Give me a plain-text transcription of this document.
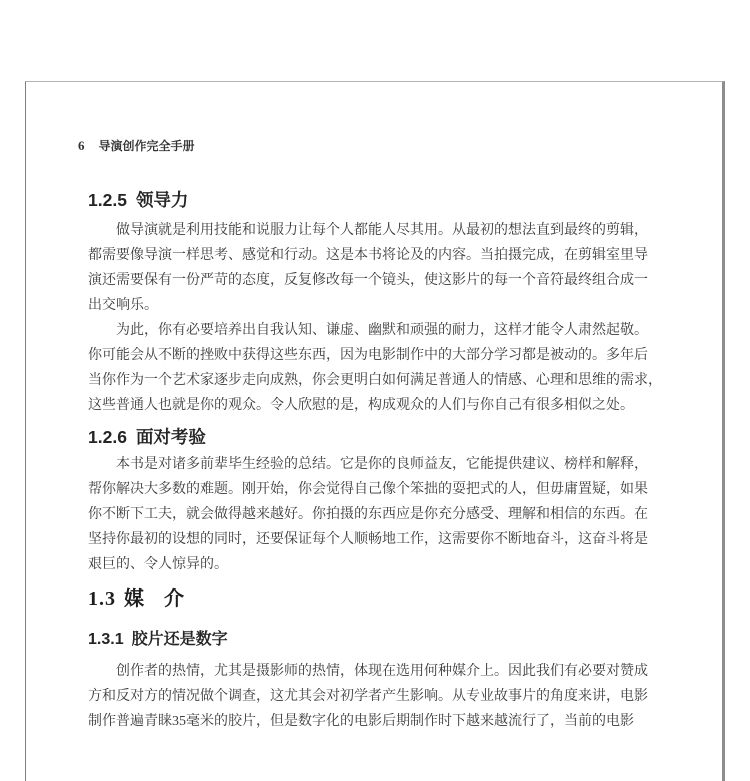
6 导演创作完全手册
1.2.5 领导力
做导演就是利用技能和说服力让每个人都能人尽其用。从最初的想法直到最终的剪辑，
都需要像导演一样思考、感觉和行动。这是本书将论及的内容。当拍摄完成，在剪辑室里导
演还需要保有一份严苛的态度，反复修改每一个镜头，使这影片的每一个音符最终组合成一
出交响乐。
为此，你有必要培养出自我认知、谦虚、幽默和顽强的耐力，这样才能令人肃然起敬。
你可能会从不断的挫败中获得这些东西，因为电影制作中的大部分学习都是被动的。多年后
当你作为一个艺术家逐步走向成熟，你会更明白如何满足普通人的情感、心理和思维的需求，
这些普通人也就是你的观众。令人欣慰的是，构成观众的人们与你自己有很多相似之处。
1.2.6 面对考验
本书是对诸多前辈毕生经验的总结。它是你的良师益友，它能提供建议、榜样和解释，
帮你解决大多数的难题。刚开始，你会觉得自己像个笨拙的耍把式的人，但毋庸置疑，如果
你不断下工夫，就会做得越来越好。你拍摄的东西应是你充分感受、理解和相信的东西。在
坚持你最初的设想的同时，还要保证每个人顺畅地工作，这需要你不断地奋斗，这奋斗将是
艰巨的、令人惊异的。
1.3 媒　介
1.3.1 胶片还是数字
创作者的热情，尤其是摄影师的热情，体现在选用何种媒介上。因此我们有必要对赞成
方和反对方的情况做个调查，这尤其会对初学者产生影响。从专业故事片的角度来讲，电影
制作普遍青睐35毫米的胶片，但是数字化的电影后期制作时下越来越流行了，当前的电影
